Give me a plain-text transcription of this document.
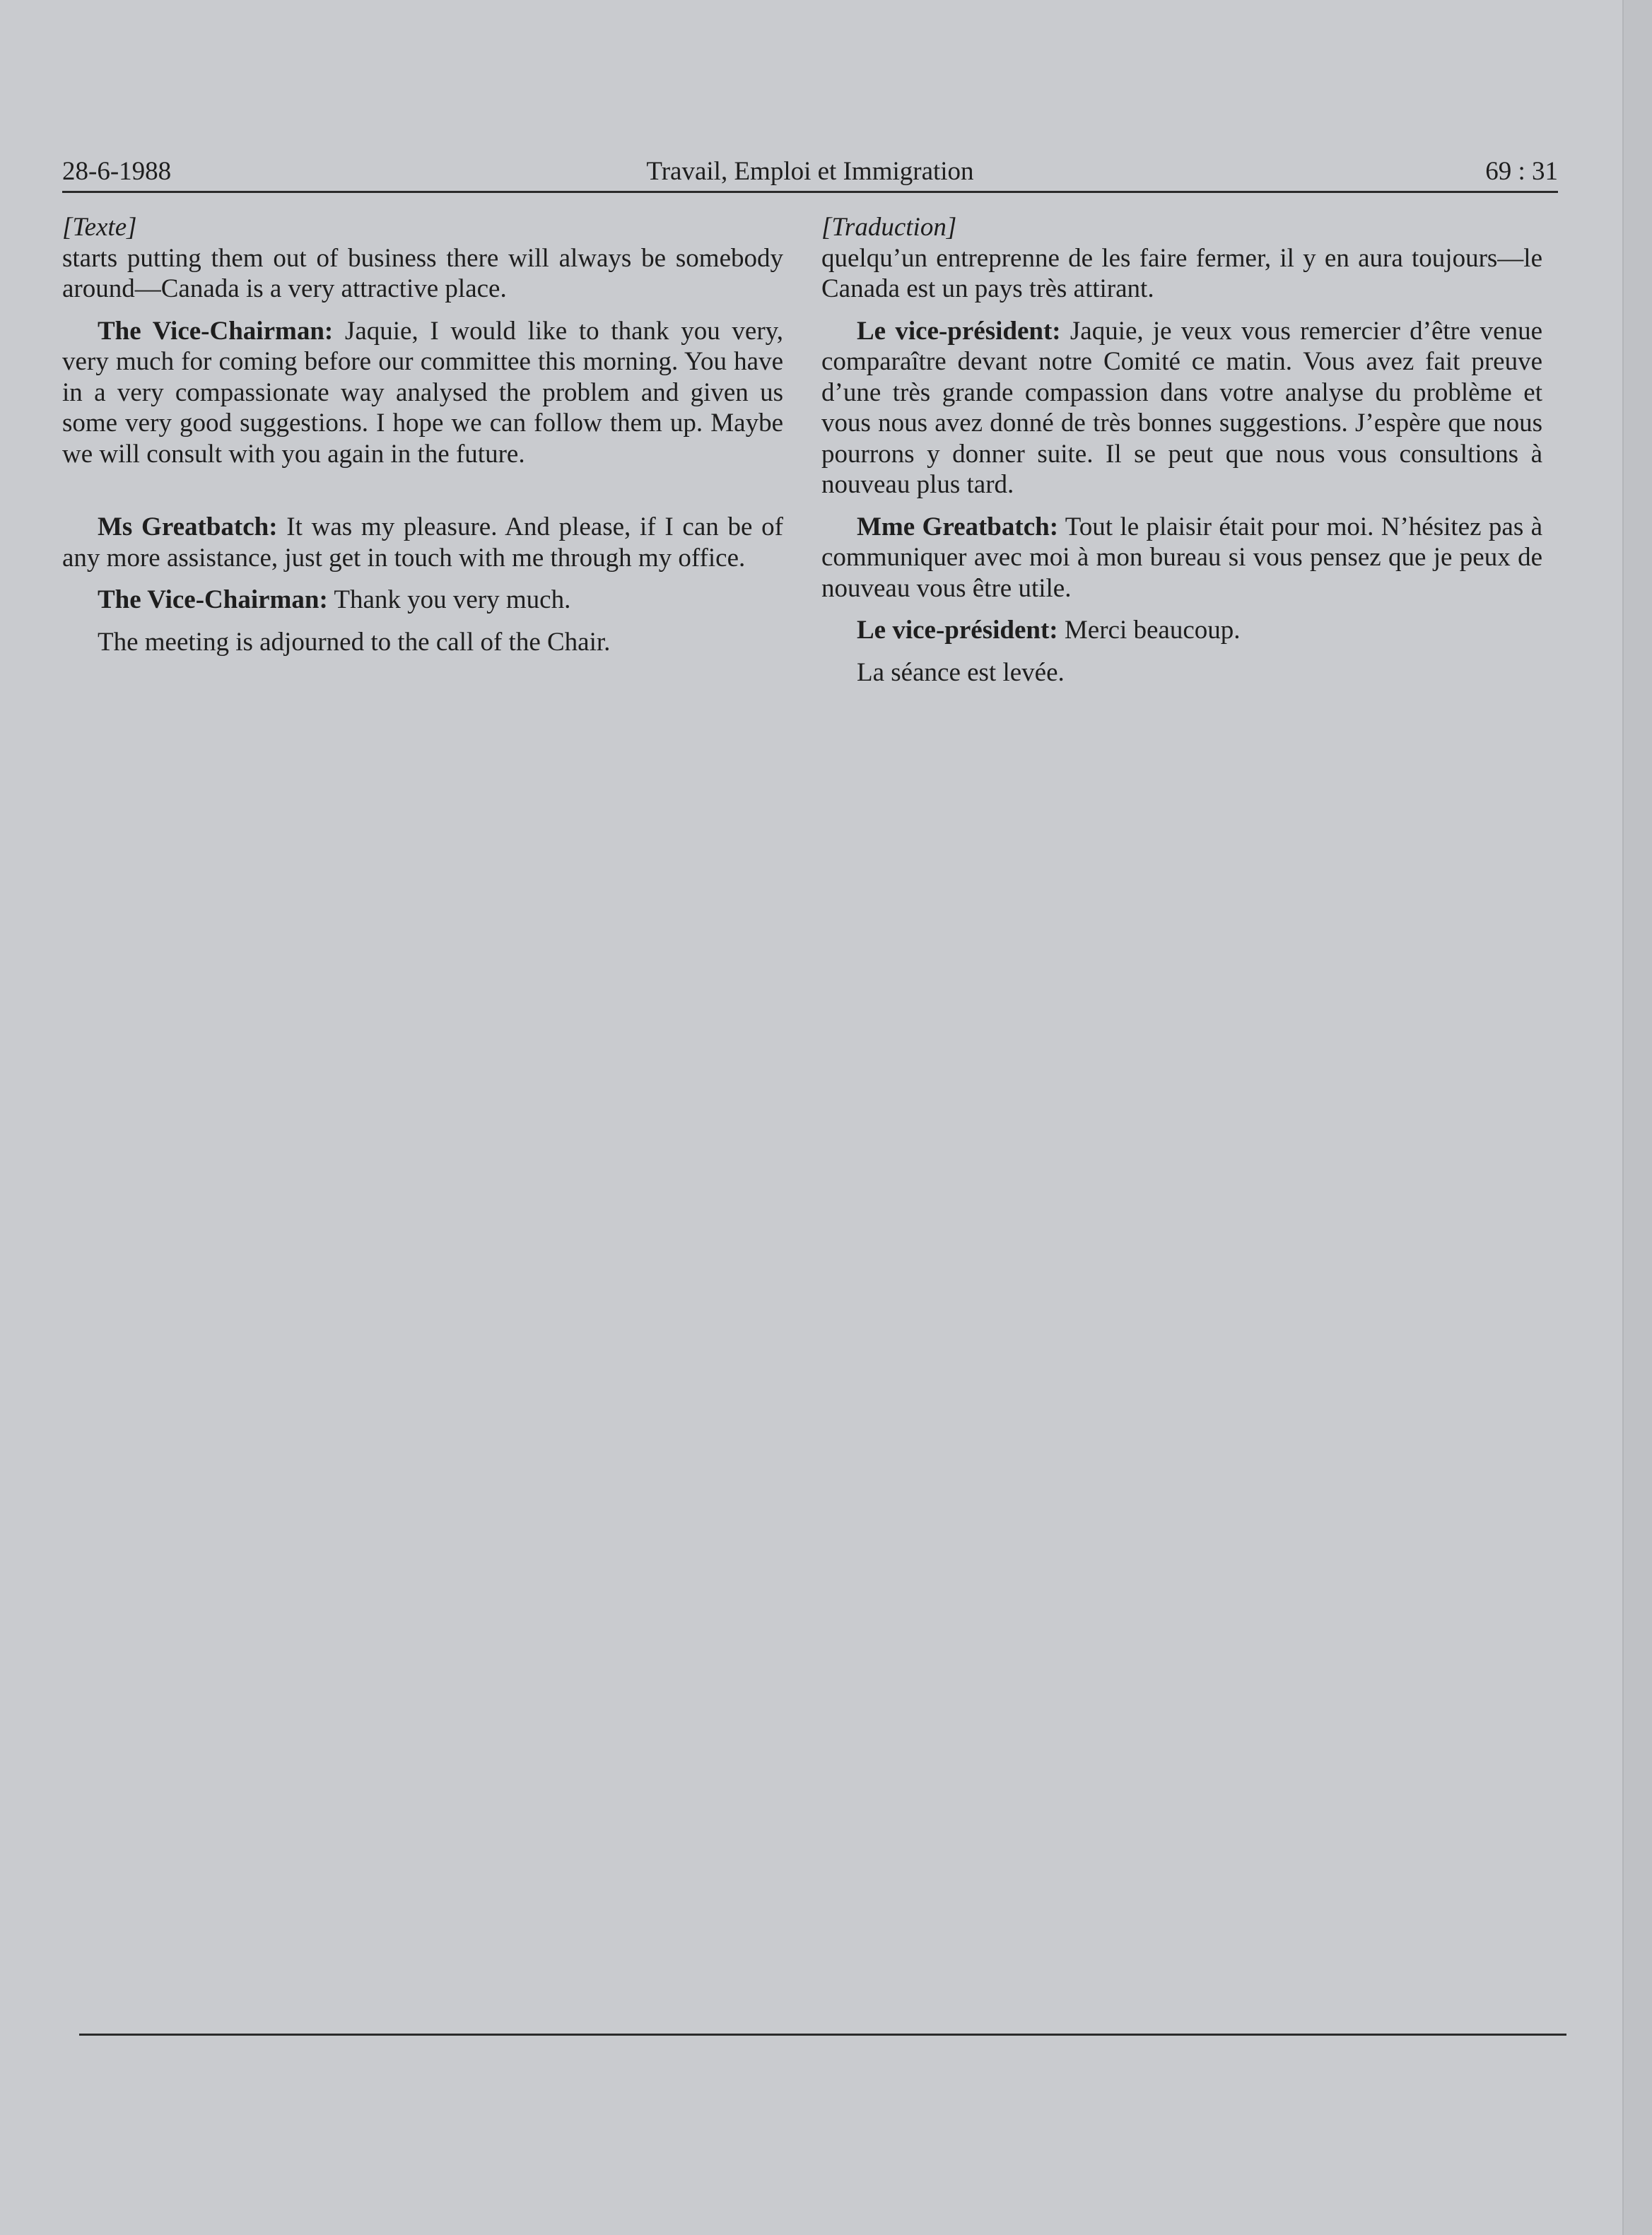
28-6-1988	Travail, Emploi et Immigration	69 : 31

[Texte]

starts putting them out of business there will always be somebody around—Canada is a very attractive place.

The Vice-Chairman: Jaquie, I would like to thank you very, very much for coming before our committee this morning. You have in a very compassionate way analysed the problem and given us some very good suggestions. I hope we can follow them up. Maybe we will consult with you again in the future.

Ms Greatbatch: It was my pleasure. And please, if I can be of any more assistance, just get in touch with me through my office.

The Vice-Chairman: Thank you very much.

The meeting is adjourned to the call of the Chair.

[Traduction]

quelqu’un entreprenne de les faire fermer, il y en aura toujours—le Canada est un pays très attirant.

Le vice-président: Jaquie, je veux vous remercier d’être venue comparaître devant notre Comité ce matin. Vous avez fait preuve d’une très grande compassion dans votre analyse du problème et vous nous avez donné de très bonnes suggestions. J’espère que nous pourrons y donner suite. Il se peut que nous vous consultions à nouveau plus tard.

Mme Greatbatch: Tout le plaisir était pour moi. N’hésitez pas à communiquer avec moi à mon bureau si vous pensez que je peux de nouveau vous être utile.

Le vice-président: Merci beaucoup.

La séance est levée.
